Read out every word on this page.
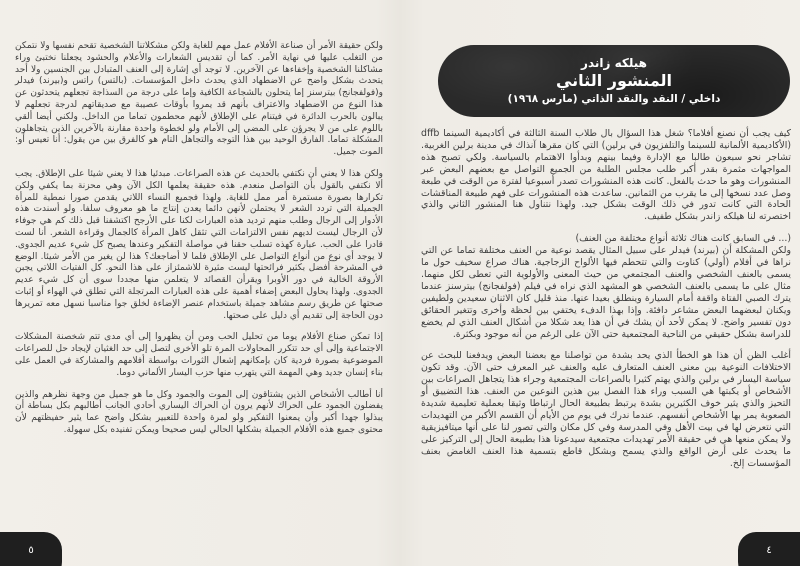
ولكن حقيقة الأمر أن صناعة الأفلام عمل مهم للغاية ولكن مشكلاتنا الشخصية تقحم نفسها ولا نتمكن من التغلب عليها في نهاية الأمر. كما أن تقديس الشعارات والأعلام والحشود يجعلنا نختبئ وراء مشاكلنا الشخصية وإخفاءها عن الآخرين. لا توجد أي إشارة إلى العنف المتبادل بين الجنسين ولا أحد يتحدث بشكل واضح عن الاضطهاد الذي يحدث داخل المؤسسات. (بالتس) راتس و(بيرند) فيدلر و(فولفجانج) بيترسنز إما يتحلون بالشجاعة الكافية وإما على درجة من السذاجة تجعلهم يتحدثون عن هذا النوع من الاضطهاد والاعتراف بأنهم قد يمروا بأوقات عصيبة مع صديقاتهم لدرجة تجعلهم لا يبالون بالحرب الدائرة في فيتنام على الإطلاق لأنهم محطمون تماما من الداخل. ولكني أيضا ألقي باللوم على من لا يجرؤن على المضي إلى الأمام ولو لخطوة واحدة مقارنة بالآخرين الذين يتجاهلون المشكلة تماما. الفارق الوحيد بين هذا التوجه والتجاهل التام هو كالفرق بين من يقول: أنا تعيس أو: الموت جميل.

ولكن هذا لا يعني أن نكتفي بالحديث عن هذه الصراعات. مبدئيا هذا لا يعني شيئا على الإطلاق. يجب ألا نكتفي بالقول بأن التواصل منعدم. هذه حقيقة يعلمها الكل الآن وهي محزنة بما يكفي ولكن تكرارها بصورة مستمرة أمر ممل للغاية. ولهذا فجميع النساء اللاتي يقدمن صورا نمطية للمرأة الجميلة التي تردد الشعر لا يحتملن لأنهن دائما يعدن إنتاج ما هو معروف سلفا. ولو أسندت هذه الأدوار إلى الرجال وطلب منهم ترديد هذه العبارات لكنا على الأرجح اكتشفنا قبل ذلك كم هي جوفاء لأن الرجال ليست لديهم نفس الالتزامات التي تثقل كاهل المرأة كالجمال وقراءة الشعر. أنا لست قادرا على الحب. عبارة كهذه تسلب حقنا في مواصلة التفكير وعندها يصبح كل شيء عديم الجدوى. لا يوجد أي نوع من أنواع التواصل على الإطلاق فلما لا أضاجعك؟ هذا لن يغير من الأمر شيئا. الوضع في المشرحة أفضل بكثير فرائحتها ليست مثيرة للاشمئزاز على هذا النحو. كل الفتيات اللاتي يجبن الأروقة الخالية في دور الأوبرا ويقرأن القصائد لا يتعلمن منها مجددا سوى أن كل شيء عديم الجدوى. ولهذا يحاول البعض إضفاء أهمية على هذه العبارات المرتجلة التي تطلق في الهواء أو إثبات صحتها عن طريق رسم مشاهد جميلة باستخدام عنصر الإضاءة لخلق جوا مناسبا نسهل معه تمريرها دون الحاجة إلى تقديم أي دليل على صحتها.

إذا تمكن صناع الأفلام يوما من تحليل الحب ومن أن يظهروا إلى أي مدى تتم شخصنة المشكلات الاجتماعية وإلى أي حد تتكرر المحاولات المرة تلو الأخرى لتصل إلى حد الغثيان لإيجاد حل للصراعات الموضوعية بصورة فردية كان بإمكانهم إشعال الثورات بواسطة أفلامهم والمشاركة في العمل على بناء إنسان جديد وهي المهمة التي يتهرب منها حزب اليسار الألماني دوما.

أنا أطالب الأشخاص الذين يشتاقون إلى الموت والجمود وكل ما هو جميل من وجهة نظرهم والذين يفضلون الجمود على الحراك لأنهم يرون أن الحراك اليساري أحادي الجانب أطالبهم بكل بساطة أن يبذلوا جهدا أكبر وأن يمعنوا التفكير ولو لمرة واحدة للتعبير بشكل واضح عما يثير حفيظتهم لأن محتوى جميع هذه الأفلام الجميلة بشكلها الحالي ليس صحيحا ويمكن تفنيده بكل سهولة.

٥
هيلكه زاندر
المنشور الثاني
داخلي / النقد والنقد الذاتي (مارس ١٩٦٨)

كيف يجب أن نصنع أفلاما؟ شغل هذا السؤال بال طلاب السنة الثالثة في أكاديمية السينما dffb (الأكاديمية الألمانية للسينما والتلفزيون في برلين) التي كان مقرها آنذاك في مدينة برلين الغربية. تشاجر نحو سبعون طالبا مع الإدارة وفيما بينهم وبدأوا الاهتمام بالسياسة. ولكي تصبح هذه المواجهات مثمرة بقدر أكبر طلب مجلس الطلبة من الجميع التواصل مع بعضهم البعض عبر المنشورات وهو ما حدث بالفعل. كانت هذه المنشورات تصدر أسبوعيا لفترة من الوقت في طبعة وصل عدد نسخها إلى ما يقرب من الثمانين. ساعدت هذه المنشورات على فهم طبيعة المناقشات الحادة التي كانت تدور في ذلك الوقت بشكل جيد. ولهذا نتناول هنا المنشور الثاني والذي اختصرته لنا هيلكه زاندر بشكل طفيف.

(... في السابق كانت هناك ثلاثة أنواع مختلفة من العنف)

ولكن المشكلة أن (بيرند) فيدلر على سبيل المثال يقصد نوعية من العنف مختلفة تماما عن التي نراها في أفلام (أولي) كناوت والتي تتحطم فيها الألواح الزجاجية. هناك صراع سخيف حول ما يسمى بالعنف الشخصي والعنف المجتمعي من حيث المعنى والأولوية التي تعطى لكل منهما. مثال على ما يسمى بالعنف الشخصي هو المشهد الذي نراه في فيلم (فولفجانج) بيترسنز عندما يترك الصبي الفتاة واقفة أمام السيارة وينطلق بعيدا عنها. منذ قليل كان الاثنان سعيدين ولطيفين ويكنان لبعضهما البعض مشاعر دافئة. وإذا بهذا الدفء يختفي بين لحظة وأخرى وتتغير الحقائق دون تفسير واضح. لا يمكن لأحد أن يشك في أن هذا يعد شكلا من أشكال العنف الذي لم يخضع للدراسة بشكل حقيقي من الناحية المجتمعية حتى الآن على الرغم من أنه موجود وبكثرة.

أغلب الظن أن هذا هو الخطأ الذي يحد بشدة من تواصلنا مع بعضنا البعض ويدفعنا للبحث عن الاختلافات النوعية بين معنى العنف المتعارف عليه والعنف غير المعرف حتى الآن. وقد تكون سياسة اليسار في برلين والذي يهتم كثيرا بالصراعات المجتمعية وجراء هذا يتجاهل الصراعات بين الأشخاص أو يكبتها هي السبب وراء هذا الفصل بين هذين النوعين من العنف. هذا التضييق أو التحيز والذي يثير خوف الكثيرين بشدة يرتبط بطبيعة الحال ارتباطا وثيقا بعملية تعليمية شديدة الصعوبة يمر بها الأشخاص أنفسهم. عندما ندرك في يوم من الأيام أن القسم الأكبر من التهديدات التي نتعرض لها في بيت الأهل وفي المدرسة وفي كل مكان والتي تصور لنا على أنها ميتافيزيقية ولا يمكن منعها هي في حقيقة الأمر تهديدات مجتمعية سيدعونا هذا بطبيعة الحال إلى التركيز على ما يحدث على أرض الواقع والذي يسمح وبشكل قاطع بتسمية هذا العنف الغامض بعنف المؤسسات إلخ.

٤
